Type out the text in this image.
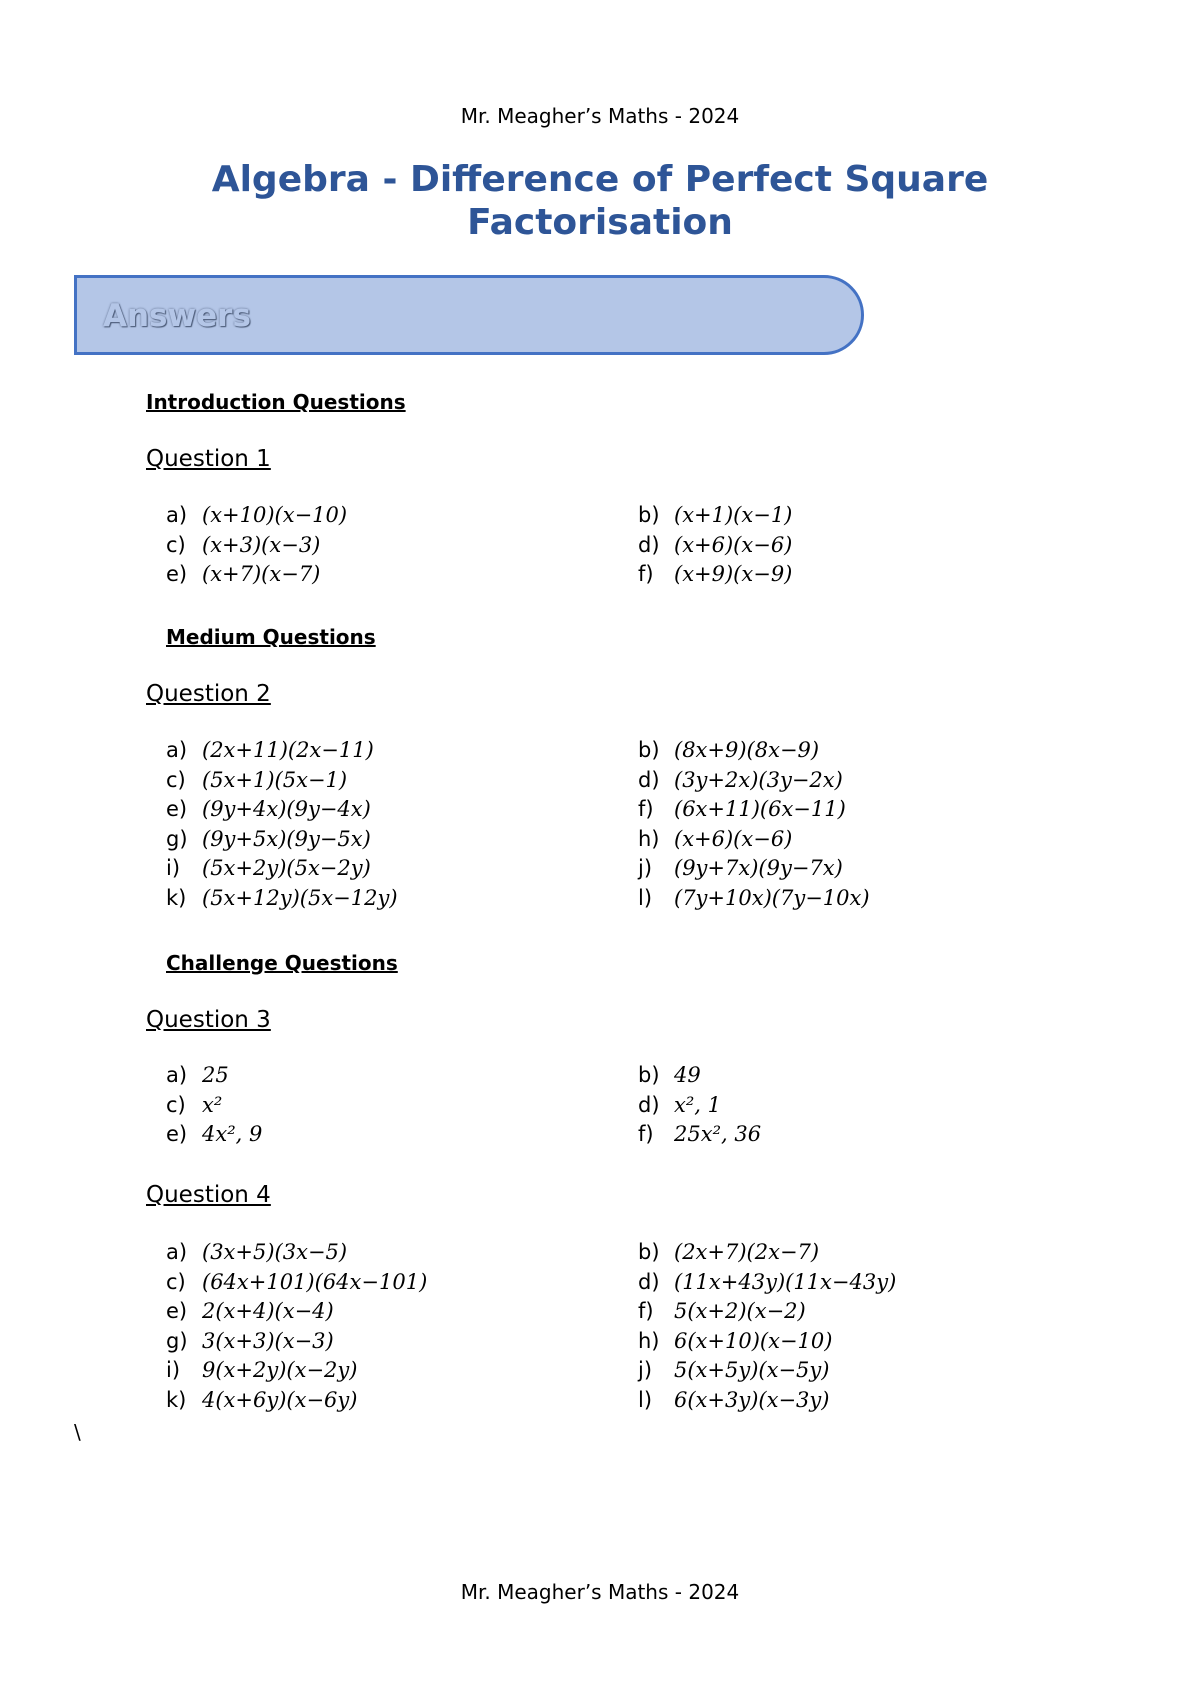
Mr. Meagher’s Maths - 2024
Algebra - Difference of Perfect Square
Factorisation
Answers
Introduction Questions
Question 1
Medium Questions
Question 2
Challenge Questions
Question 3
Question 4
a) (x+10)(x−10)	b) (x+1)(x−1)
c) (x+3)(x−3)	d) (x+6)(x−6)
e) (x+7)(x−7)	f) (x+9)(x−9)
a) (2x+11)(2x−11)	b) (8x+9)(8x−9)
c) (5x+1)(5x−1)	d) (3y+2x)(3y−2x)
e) (9y+4x)(9y−4x)	f) (6x+11)(6x−11)
g) (9y+5x)(9y−5x)	h) (x+6)(x−6)
i) (5x+2y)(5x−2y)	j) (9y+7x)(9y−7x)
k) (5x+12y)(5x−12y)	l) (7y+10x)(7y−10x)
a) 25	b) 49
c) x²	d) x², 1
e) 4x², 9	f) 25x², 36
a) (3x+5)(3x−5)	b) (2x+7)(2x−7)
c) (64x+101)(64x−101)	d) (11x+43y)(11x−43y)
e) 2(x+4)(x−4)	f) 5(x+2)(x−2)
g) 3(x+3)(x−3)	h) 6(x+10)(x−10)
i) 9(x+2y)(x−2y)	j) 5(x+5y)(x−5y)
k) 4(x+6y)(x−6y)	l) 6(x+3y)(x−3y)
\
Mr. Meagher’s Maths - 2024
